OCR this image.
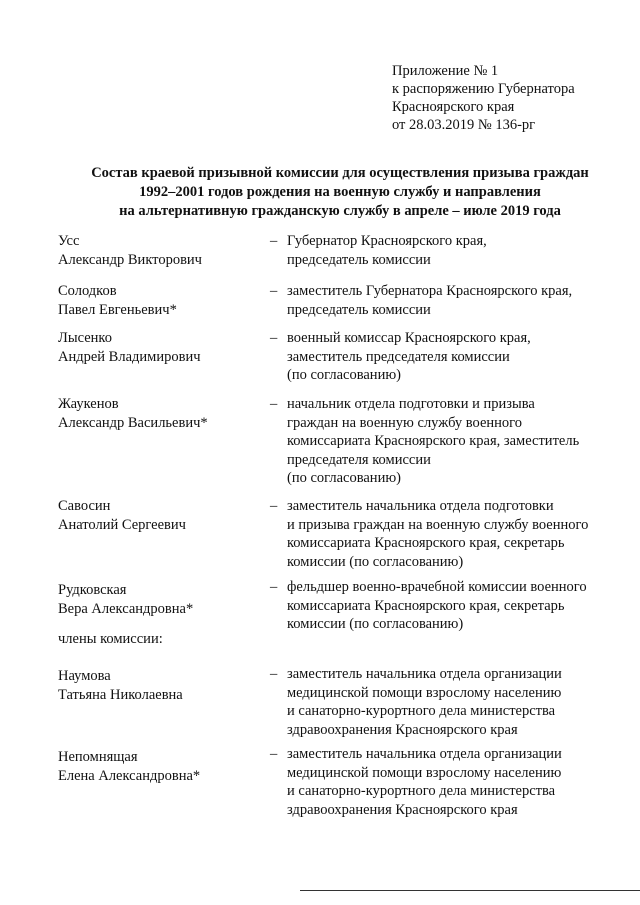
Приложение № 1
к распоряжению Губернатора
Красноярского края
от 28.03.2019 № 136-рг
Состав краевой призывной комиссии для осуществления призыва граждан
1992–2001 годов рождения на военную службу и направления
на альтернативную гражданскую службу в апреле – июле 2019 года
Усс
Александр Викторович
– Губернатор Красноярского края,
председатель комиссии
Солодков
Павел Евгеньевич*
– заместитель Губернатора Красноярского края,
председатель комиссии
Лысенко
Андрей Владимирович
– военный комиссар Красноярского края,
заместитель председателя комиссии
(по согласованию)
Жаукенов
Александр Васильевич*
– начальник отдела подготовки и призыва
граждан на военную службу военного
комиссариата Красноярского края, заместитель
председателя комиссии
(по согласованию)
Савосин
Анатолий Сергеевич
– заместитель начальника отдела подготовки
и призыва граждан на военную службу военного
комиссариата Красноярского края, секретарь
комиссии (по согласованию)
Рудковская
Вера Александровна*
– фельдшер военно-врачебной комиссии военного
комиссариата Красноярского края, секретарь
комиссии (по согласованию)
члены комиссии:
Наумова
Татьяна Николаевна
– заместитель начальника отдела организации
медицинской помощи взрослому населению
и санаторно-курортного дела министерства
здравоохранения Красноярского края
Непомнящая
Елена Александровна*
– заместитель начальника отдела организации
медицинской помощи взрослому населению
и санаторно-курортного дела министерства
здравоохранения Красноярского края
